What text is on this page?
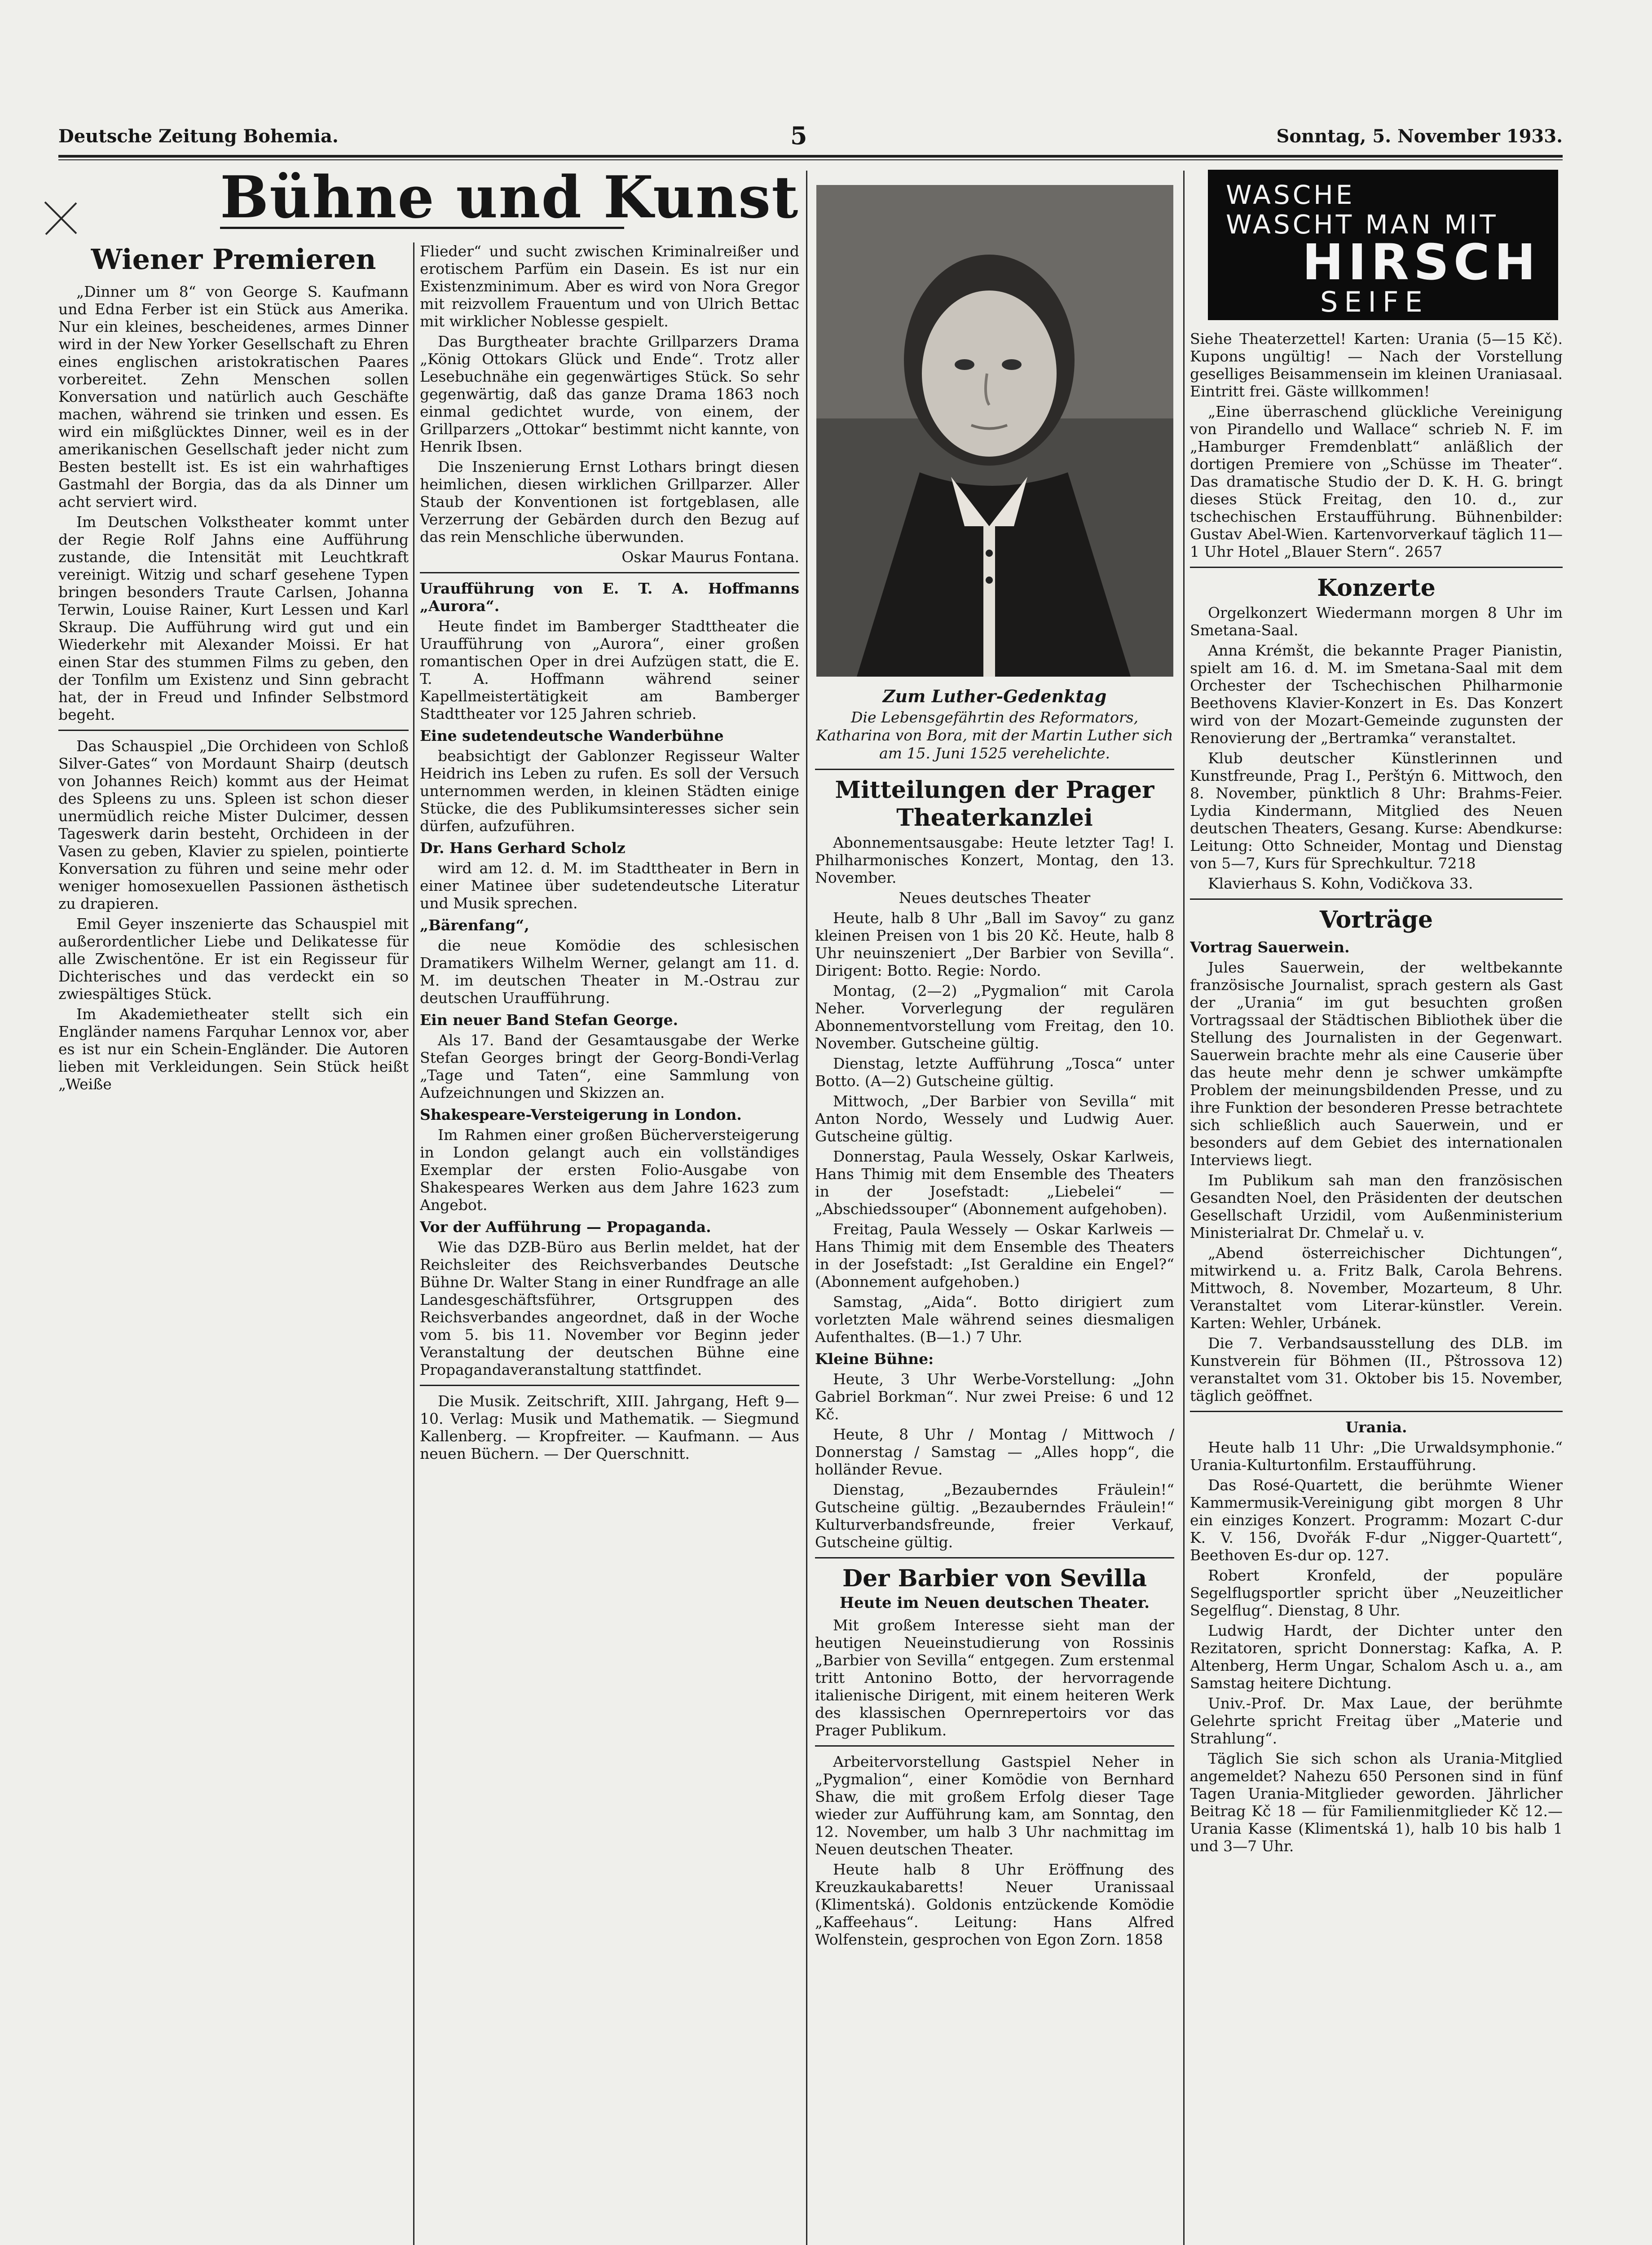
Deutsche Zeitung Bohemia.	5	Sonntag, 5. November 1933.
Bühne und Kunst
Wiener Premieren

„Dinner um 8“ von George S. Kaufmann und Edna Ferber ist ein Stück aus Amerika. Nur ein kleines, bescheidenes, armes Dinner wird in der New Yorker Gesellschaft zu Ehren eines englischen aristokratischen Paares vorbereitet. Zehn Menschen sollen Konversation und natürlich auch Geschäfte machen, während sie trinken und essen. Es wird ein mißglücktes Dinner, weil es in der amerikanischen Gesellschaft jeder nicht zum Besten bestellt ist. Es ist ein wahrhaftiges Gastmahl der Borgia, das da als Dinner um acht serviert wird.

Im Deutschen Volkstheater kommt unter der Regie Rolf Jahns eine Aufführung zustande, die Intensität mit Leuchtkraft vereinigt. Witzig und scharf gesehene Typen bringen besonders Traute Carlsen, Johanna Terwin, Louise Rainer, Kurt Lessen und Karl Skraup. Die Aufführung wird gut und ein Wiederkehr mit Alexander Moissi. Er hat einen Star des stummen Films zu geben, den der Tonfilm um Existenz und Sinn gebracht hat, der in Freud und Infinder Selbstmord begeht.

Das Schauspiel „Die Orchideen von Schloß Silver-Gates“ von Mordaunt Shairp (deutsch von Johannes Reich) kommt aus der Heimat des Spleens zu uns. Spleen ist schon dieser unermüdlich reiche Mister Dulcimer, dessen Tageswerk darin besteht, Orchideen in der Vasen zu geben, Klavier zu spielen, pointierte Konversation zu führen und seine mehr oder weniger homosexuellen Passionen ästhetisch zu drapieren.

Emil Geyer inszenierte das Schauspiel mit außerordentlicher Liebe und Delikatesse für alle Zwischentöne. Er ist ein Regisseur für Dichterisches und das verdeckt ein so zwiespältiges Stück.

Im Akademietheater stellt sich ein Engländer namens Farquhar Lennox vor, aber es ist nur ein Schein-Engländer. Die Autoren lieben mit Verkleidungen. Sein Stück heißt „Weiße

Flieder“ und sucht zwischen Kriminalreißer und erotischem Parfüm ein Dasein. Es ist nur ein Existenzminimum. Aber es wird von Nora Gregor mit reizvollem Frauentum und von Ulrich Bettac mit wirklicher Noblesse gespielt.

Das Burgtheater brachte Grillparzers Drama „König Ottokars Glück und Ende“. Trotz aller Lesebuchnähe ein gegenwärtiges Stück. So sehr gegenwärtig, daß das ganze Drama 1863 noch einmal gedichtet wurde, von einem, der Grillparzers „Ottokar“ bestimmt nicht kannte, von Henrik Ibsen.

Die Inszenierung Ernst Lothars bringt diesen heimlichen, diesen wirklichen Grillparzer. Aller Staub der Konventionen ist fortgeblasen, alle Verzerrung der Gebärden durch den Bezug auf das rein Menschliche überwunden.

Oskar Maurus Fontana.

Uraufführung von E. T. A. Hoffmanns „Aurora“.

Heute findet im Bamberger Stadttheater die Uraufführung von „Aurora“, einer großen romantischen Oper in drei Aufzügen statt, die E. T. A. Hoffmann während seiner Kapellmeistertätigkeit am Bamberger Stadttheater vor 125 Jahren schrieb.

Eine sudetendeutsche Wanderbühne

beabsichtigt der Gablonzer Regisseur Walter Heidrich ins Leben zu rufen. Es soll der Versuch unternommen werden, in kleinen Städten einige Stücke, die des Publikumsinteresses sicher sein dürfen, aufzuführen.

Dr. Hans Gerhard Scholz

wird am 12. d. M. im Stadttheater in Bern in einer Matinee über sudetendeutsche Literatur und Musik sprechen.

„Bärenfang“,

die neue Komödie des schlesischen Dramatikers Wilhelm Werner, gelangt am 11. d. M. im deutschen Theater in M.-Ostrau zur deutschen Uraufführung.

Ein neuer Band Stefan George.

Als 17. Band der Gesamtausgabe der Werke Stefan Georges bringt der Georg-Bondi-Verlag „Tage und Taten“, eine Sammlung von Aufzeichnungen und Skizzen an.

Shakespeare-Versteigerung in London.

Im Rahmen einer großen Bücherversteigerung in London gelangt auch ein vollständiges Exemplar der ersten Folio-Ausgabe von Shakespeares Werken aus dem Jahre 1623 zum Angebot.

Vor der Aufführung — Propaganda.

Wie das DZB-Büro aus Berlin meldet, hat der Reichsleiter des Reichsverbandes Deutsche Bühne Dr. Walter Stang in einer Rundfrage an alle Landesgeschäftsführer, Ortsgruppen des Reichsverbandes angeordnet, daß in der Woche vom 5. bis 11. November vor Beginn jeder Veranstaltung der deutschen Bühne eine Propagandaveranstaltung stattfindet.

Die Musik. Zeitschrift, XIII. Jahrgang, Heft 9—10. Verlag: Musik und Mathematik. — Siegmund Kallenberg. — Kropfreiter. — Kaufmann. — Aus neuen Büchern. — Der Querschnitt.

Zum Luther-Gedenktag
Die Lebensgefährtin des Reformators, Katharina von Bora, mit der Martin Luther sich am 15. Juni 1525 verehelichte.
Mitteilungen der Prager Theaterkanzlei

Abonnementsausgabe: Heute letzter Tag! I. Philharmonisches Konzert, Montag, den 13. November.

Neues deutsches Theater

Heute, halb 8 Uhr „Ball im Savoy“ zu ganz kleinen Preisen von 1 bis 20 Kč. Heute, halb 8 Uhr neuinszeniert „Der Barbier von Sevilla“. Dirigent: Botto. Regie: Nordo.

Montag, (2—2) „Pygmalion“ mit Carola Neher. Vorverlegung der regulären Abonnementvorstellung vom Freitag, den 10. November. Gutscheine gültig.

Dienstag, letzte Aufführung „Tosca“ unter Botto. (A—2) Gutscheine gültig.

Mittwoch, „Der Barbier von Sevilla“ mit Anton Nordo, Wessely und Ludwig Auer. Gutscheine gültig.

Donnerstag, Paula Wessely, Oskar Karlweis, Hans Thimig mit dem Ensemble des Theaters in der Josefstadt: „Liebelei“ — „Abschiedssouper“ (Abonnement aufgehoben).

Freitag, Paula Wessely — Oskar Karlweis — Hans Thimig mit dem Ensemble des Theaters in der Josefstadt: „Ist Geraldine ein Engel?“ (Abonnement aufgehoben.)

Samstag, „Aida“. Botto dirigiert zum vorletzten Male während seines diesmaligen Aufenthaltes. (B—1.) 7 Uhr.

Kleine Bühne:

Heute, 3 Uhr Werbe-Vorstellung: „John Gabriel Borkman“. Nur zwei Preise: 6 und 12 Kč.

Heute, 8 Uhr / Montag / Mittwoch / Donnerstag / Samstag — „Alles hopp“, die holländer Revue.

Dienstag, „Bezauberndes Fräulein!“ Gutscheine gültig. „Bezauberndes Fräulein!“ Kulturverbandsfreunde, freier Verkauf, Gutscheine gültig.

Der Barbier von Sevilla
Heute im Neuen deutschen Theater.

Mit großem Interesse sieht man der heutigen Neueinstudierung von Rossinis „Barbier von Sevilla“ entgegen. Zum erstenmal tritt Antonino Botto, der hervorragende italienische Dirigent, mit einem heiteren Werk des klassischen Opernrepertoirs vor das Prager Publikum.

Arbeitervorstellung Gastspiel Neher in „Pygmalion“, einer Komödie von Bernhard Shaw, die mit großem Erfolg dieser Tage wieder zur Aufführung kam, am Sonntag, den 12. November, um halb 3 Uhr nachmittag im Neuen deutschen Theater.

Heute halb 8 Uhr Eröffnung des Kreuzkaukabaretts! Neuer Uranissaal (Klimentská). Goldonis entzückende Komödie „Kaffeehaus“. Leitung: Hans Alfred Wolfenstein, gesprochen von Egon Zorn. 1858

WASCHE
WASCHT MAN MIT
HIRSCH
SEIFE

Siehe Theaterzettel! Karten: Urania (5—15 Kč). Kupons ungültig! — Nach der Vorstellung geselliges Beisammensein im kleinen Uraniasaal. Eintritt frei. Gäste willkommen!

„Eine überraschend glückliche Vereinigung von Pirandello und Wallace“ schrieb N. F. im „Hamburger Fremdenblatt“ anläßlich der dortigen Premiere von „Schüsse im Theater“. Das dramatische Studio der D. K. H. G. bringt dieses Stück Freitag, den 10. d., zur tschechischen Erstaufführung. Bühnenbilder: Gustav Abel-Wien. Kartenvorverkauf täglich 11—1 Uhr Hotel „Blauer Stern“. 2657

Konzerte

Orgelkonzert Wiedermann morgen 8 Uhr im Smetana-Saal.

Anna Krémšt, die bekannte Prager Pianistin, spielt am 16. d. M. im Smetana-Saal mit dem Orchester der Tschechischen Philharmonie Beethovens Klavier-Konzert in Es. Das Konzert wird von der Mozart-Gemeinde zugunsten der Renovierung der „Bertramka“ veranstaltet.

Klub deutscher Künstlerinnen und Kunstfreunde, Prag I., Perštýn 6. Mittwoch, den 8. November, pünktlich 8 Uhr: Brahms-Feier. Lydia Kindermann, Mitglied des Neuen deutschen Theaters, Gesang. Kurse: Abendkurse: Leitung: Otto Schneider, Montag und Dienstag von 5—7, Kurs für Sprechkultur. 7218

Klavierhaus S. Kohn, Vodičkova 33.

Vorträge

Vortrag Sauerwein.

Jules Sauerwein, der weltbekannte französische Journalist, sprach gestern als Gast der „Urania“ im gut besuchten großen Vortragssaal der Städtischen Bibliothek über die Stellung des Journalisten in der Gegenwart. Sauerwein brachte mehr als eine Causerie über das heute mehr denn je schwer umkämpfte Problem der meinungsbildenden Presse, und zu ihre Funktion der besonderen Presse betrachtete sich schließlich auch Sauerwein, und er besonders auf dem Gebiet des internationalen Interviews liegt.

Im Publikum sah man den französischen Gesandten Noel, den Präsidenten der deutschen Gesellschaft Urzidil, vom Außenministerium Ministerialrat Dr. Chmelař u. v.

„Abend österreichischer Dichtungen“, mitwirkend u. a. Fritz Balk, Carola Behrens. Mittwoch, 8. November, Mozarteum, 8 Uhr. Veranstaltet vom Literar-künstler. Verein. Karten: Wehler, Urbánek.

Die 7. Verbandsausstellung des DLB. im Kunstverein für Böhmen (II., Pštrossova 12) veranstaltet vom 31. Oktober bis 15. November, täglich geöffnet.

Urania.

Heute halb 11 Uhr: „Die Urwaldsymphonie.“ Urania-Kulturtonfilm. Erstaufführung.

Das Rosé-Quartett, die berühmte Wiener Kammermusik-Vereinigung gibt morgen 8 Uhr ein einziges Konzert. Programm: Mozart C-dur K. V. 156, Dvořák F-dur „Nigger-Quartett“, Beethoven Es-dur op. 127.

Robert Kronfeld, der populäre Segelflugsportler spricht über „Neuzeitlicher Segelflug“. Dienstag, 8 Uhr.

Ludwig Hardt, der Dichter unter den Rezitatoren, spricht Donnerstag: Kafka, A. P. Altenberg, Herm Ungar, Schalom Asch u. a., am Samstag heitere Dichtung.

Univ.-Prof. Dr. Max Laue, der berühmte Gelehrte spricht Freitag über „Materie und Strahlung“.

Täglich Sie sich schon als Urania-Mitglied angemeldet? Nahezu 650 Personen sind in fünf Tagen Urania-Mitglieder geworden. Jährlicher Beitrag Kč 18 — für Familienmitglieder Kč 12.— Urania Kasse (Klimentská 1), halb 10 bis halb 1 und 3—7 Uhr.
